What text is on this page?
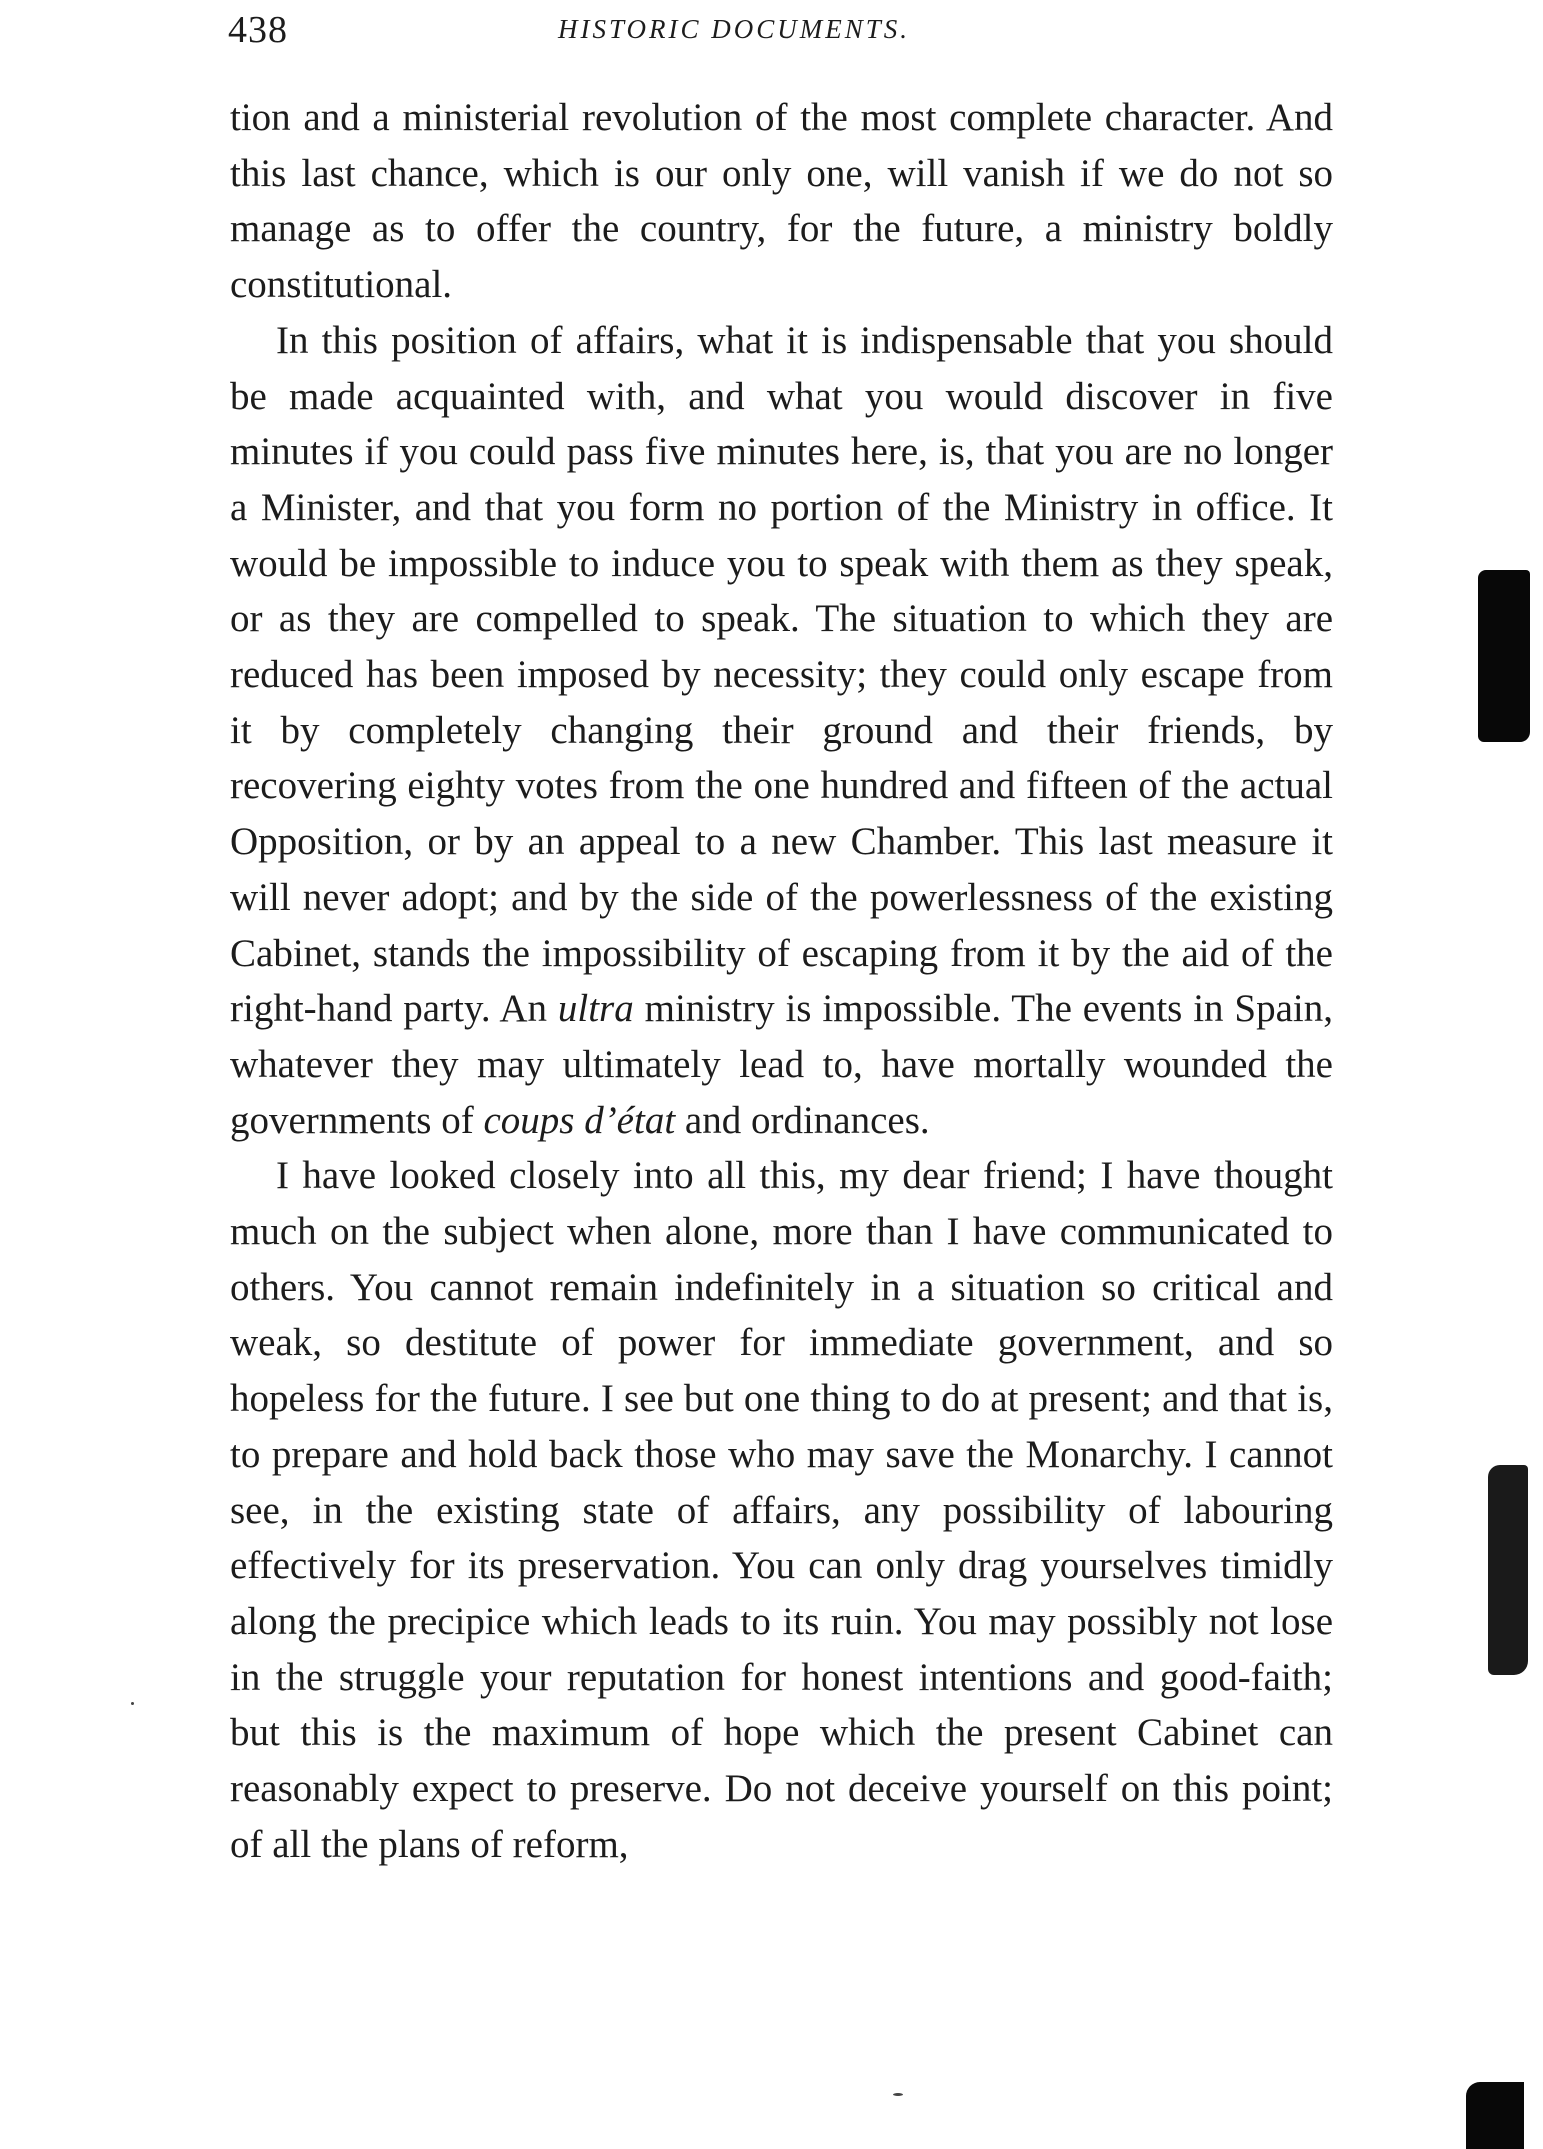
438	HISTORIC DOCUMENTS.

tion and a ministerial revolution of the most complete character. And this last chance, which is our only one, will vanish if we do not so manage as to offer the country, for the future, a ministry boldly constitutional.

In this position of affairs, what it is indispensable that you should be made acquainted with, and what you would discover in five minutes if you could pass five minutes here, is, that you are no longer a Minister, and that you form no portion of the Ministry in office. It would be impossible to induce you to speak with them as they speak, or as they are compelled to speak. The situation to which they are reduced has been imposed by necessity; they could only escape from it by completely changing their ground and their friends, by recovering eighty votes from the one hundred and fifteen of the actual Opposition, or by an appeal to a new Chamber. This last measure it will never adopt; and by the side of the powerlessness of the existing Cabinet, stands the impossibility of escaping from it by the aid of the right-hand party. An ultra ministry is impossible. The events in Spain, whatever they may ultimately lead to, have mortally wounded the governments of coups d’état and ordinances.

I have looked closely into all this, my dear friend; I have thought much on the subject when alone, more than I have communicated to others. You cannot remain indefinitely in a situation so critical and weak, so destitute of power for immediate government, and so hopeless for the future. I see but one thing to do at present; and that is, to prepare and hold back those who may save the Monarchy. I cannot see, in the existing state of affairs, any possibility of labouring effectively for its preservation. You can only drag yourselves timidly along the precipice which leads to its ruin. You may possibly not lose in the struggle your reputation for honest intentions and good-faith; but this is the maximum of hope which the present Cabinet can reasonably expect to preserve. Do not deceive yourself on this point; of all the plans of reform,
